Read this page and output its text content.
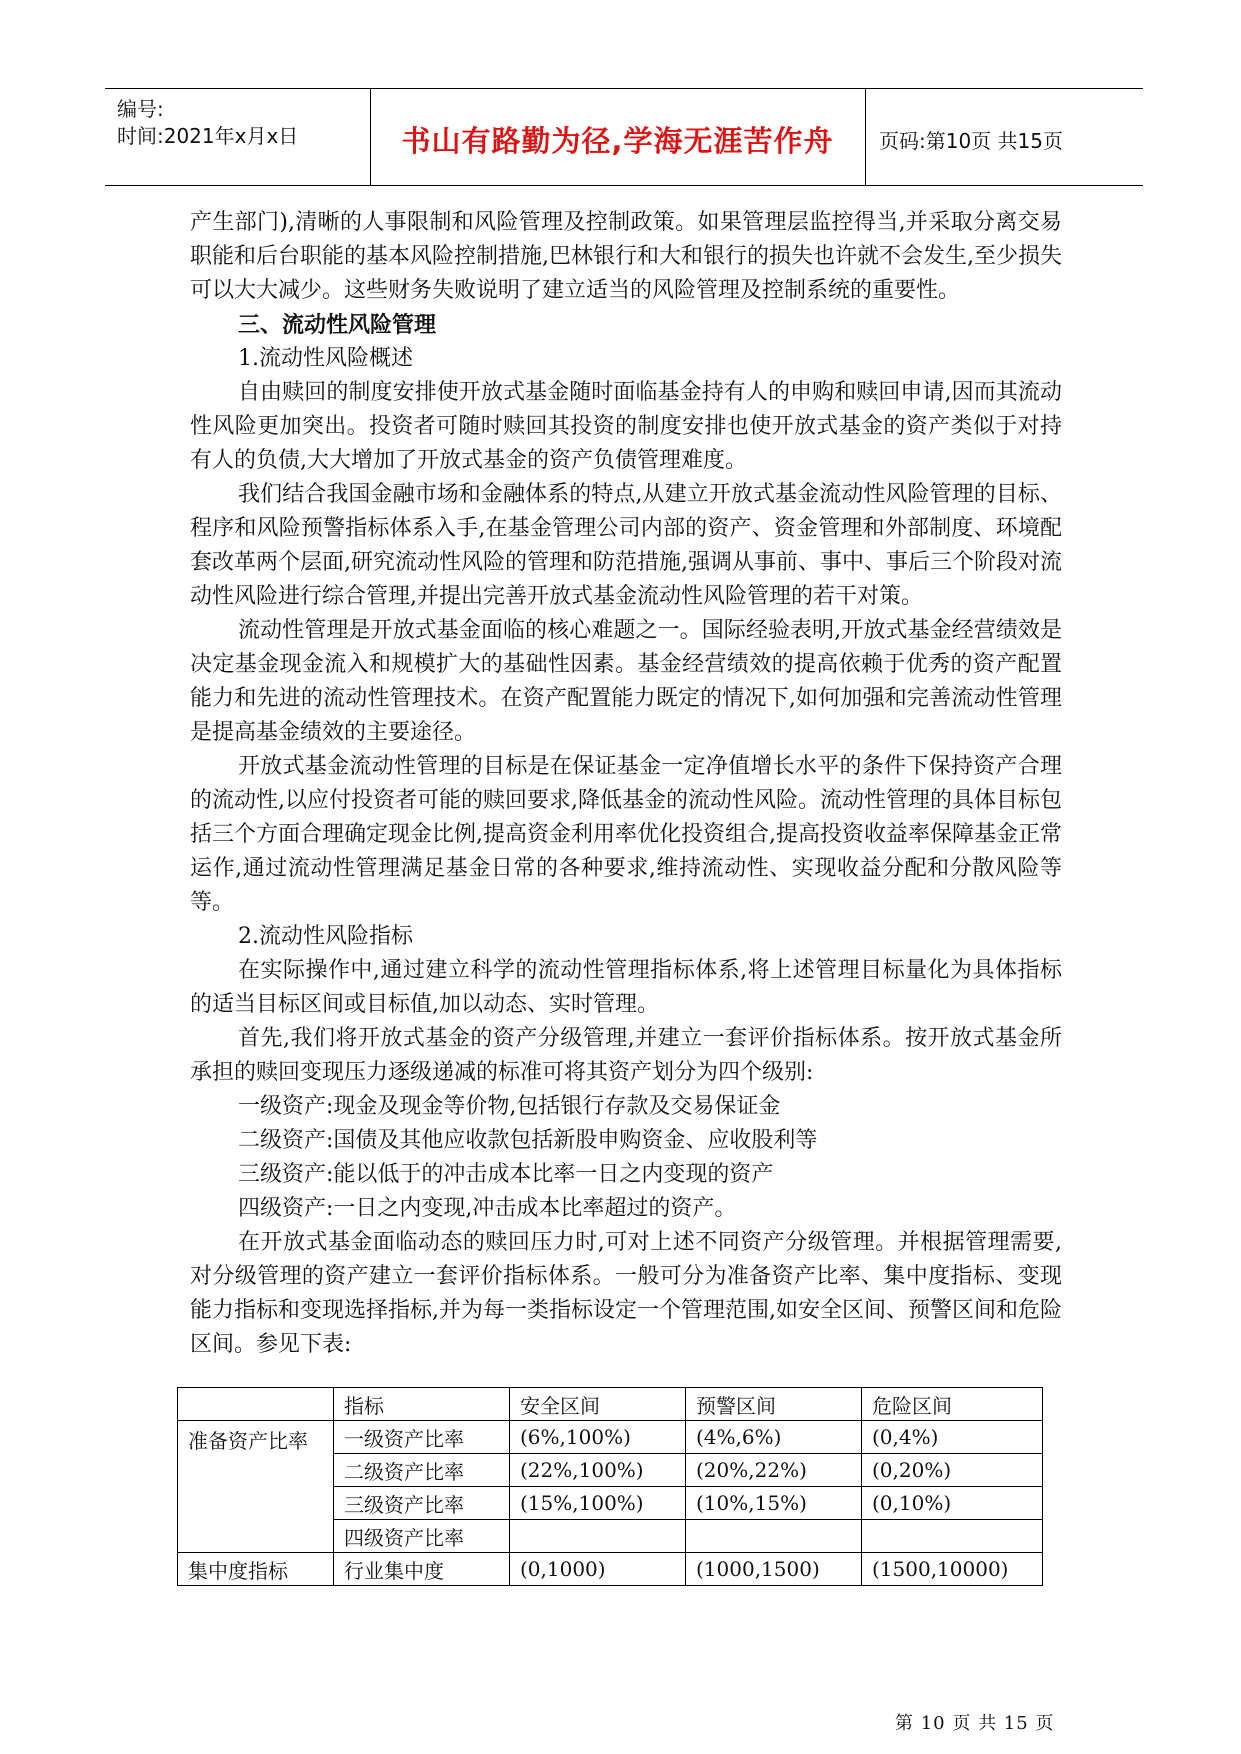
编号:
时间:2021年x月x日	书山有路勤为径,学海无涯苦作舟	页码:第10页 共15页

产生部门),清晰的人事限制和风险管理及控制政策。如果管理层监控得当,并采取分离交易职能和后台职能的基本风险控制措施,巴林银行和大和银行的损失也许就不会发生,至少损失可以大大减少。这些财务失败说明了建立适当的风险管理及控制系统的重要性。

三、流动性风险管理

1.流动性风险概述

自由赎回的制度安排使开放式基金随时面临基金持有人的申购和赎回申请,因而其流动性风险更加突出。投资者可随时赎回其投资的制度安排也使开放式基金的资产类似于对持有人的负债,大大增加了开放式基金的资产负债管理难度。

我们结合我国金融市场和金融体系的特点,从建立开放式基金流动性风险管理的目标、程序和风险预警指标体系入手,在基金管理公司内部的资产、资金管理和外部制度、环境配套改革两个层面,研究流动性风险的管理和防范措施,强调从事前、事中、事后三个阶段对流动性风险进行综合管理,并提出完善开放式基金流动性风险管理的若干对策。

流动性管理是开放式基金面临的核心难题之一。国际经验表明,开放式基金经营绩效是决定基金现金流入和规模扩大的基础性因素。基金经营绩效的提高依赖于优秀的资产配置能力和先进的流动性管理技术。在资产配置能力既定的情况下,如何加强和完善流动性管理是提高基金绩效的主要途径。

开放式基金流动性管理的目标是在保证基金一定净值增长水平的条件下保持资产合理的流动性,以应付投资者可能的赎回要求,降低基金的流动性风险。流动性管理的具体目标包括三个方面合理确定现金比例,提高资金利用率优化投资组合,提高投资收益率保障基金正常运作,通过流动性管理满足基金日常的各种要求,维持流动性、实现收益分配和分散风险等等。

2.流动性风险指标

在实际操作中,通过建立科学的流动性管理指标体系,将上述管理目标量化为具体指标的适当目标区间或目标值,加以动态、实时管理。

首先,我们将开放式基金的资产分级管理,并建立一套评价指标体系。按开放式基金所承担的赎回变现压力逐级递减的标准可将其资产划分为四个级别:

一级资产:现金及现金等价物,包括银行存款及交易保证金

二级资产:国债及其他应收款包括新股申购资金、应收股利等

三级资产:能以低于的冲击成本比率一日之内变现的资产

四级资产:一日之内变现,冲击成本比率超过的资产。

在开放式基金面临动态的赎回压力时,可对上述不同资产分级管理。并根据管理需要,对分级管理的资产建立一套评价指标体系。一般可分为准备资产比率、集中度指标、变现能力指标和变现选择指标,并为每一类指标设定一个管理范围,如安全区间、预警区间和危险区间。参见下表:

	指标	安全区间	预警区间	危险区间
准备资产比率	一级资产比率	(6%,100%)	(4%,6%)	(0,4%)
	二级资产比率	(22%,100%)	(20%,22%)	(0,20%)
	三级资产比率	(15%,100%)	(10%,15%)	(0,10%)
	四级资产比率			
集中度指标	行业集中度	(0,1000)	(1000,1500)	(1500,10000)
第 10 页 共 15 页
